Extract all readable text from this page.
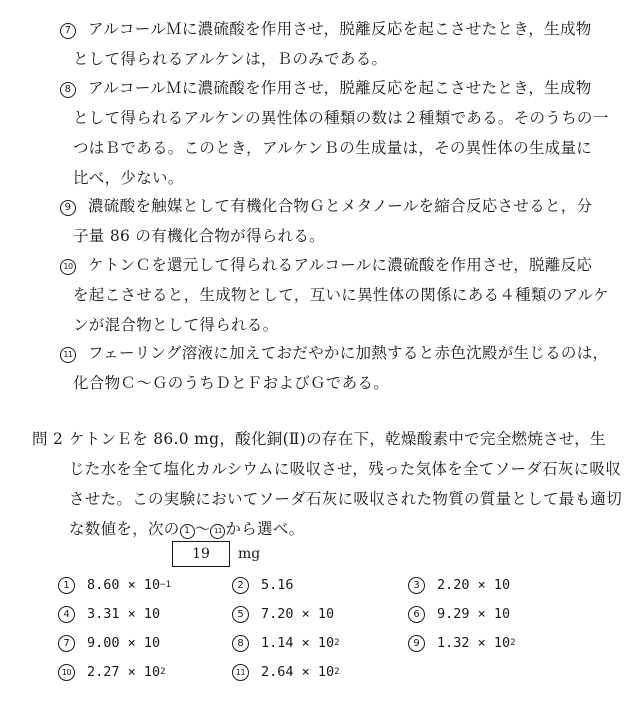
7 アルコールＭに濃硫酸を作用させ，脱離反応を起こさせたとき，生成物
として得られるアルケンは，Ｂのみである。
8 アルコールＭに濃硫酸を作用させ，脱離反応を起こさせたとき，生成物
として得られるアルケンの異性体の種類の数は２種類である。そのうちの一
つはＢである。このとき，アルケンＢの生成量は，その異性体の生成量に
比べ，少ない。
9 濃硫酸を触媒として有機化合物Ｇとメタノールを縮合反応させると，分
子量 86 の有機化合物が得られる。
10 ケトンＣを還元して得られるアルコールに濃硫酸を作用させ，脱離反応
を起こさせると，生成物として，互いに異性体の関係にある４種類のアルケ
ンが混合物として得られる。
11 フェーリング溶液に加えておだやかに加熱すると赤色沈殿が生じるのは，
化合物Ｃ～ＧのうちＤとＦおよびＧである。
問 2 ケトンＥを 86.0 mg，酸化銅(Ⅱ)の存在下，乾燥酸素中で完全燃焼させ，生
じた水を全て塩化カルシウムに吸収させ，残った気体を全てソーダ石灰に吸収
させた。この実験においてソーダ石灰に吸収された物質の質量として最も適切
な数値を，次の 1 ～ 11 から選べ。
19	mg
1	8.60 × 10 −1	2	5.16	3	2.20 × 10
4	3.31 × 10	5	7.20 × 10	6	9.29 × 10
7	9.00 × 10	8	1.14 × 10 2	9	1.32 × 10 2
10 2.27 × 10 2	11 2.64 × 10 2
